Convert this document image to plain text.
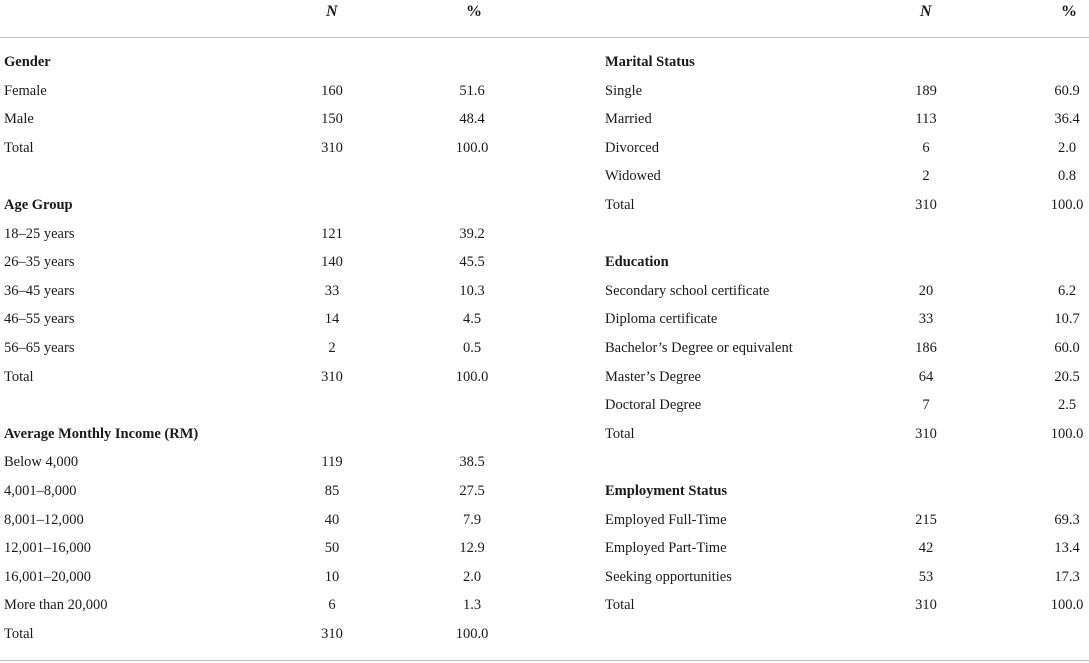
N	%	N	%
Gender
Female	160	51.6
Male	150	48.4
Total	310	100.0
Age Group
18–25 years	121	39.2
26–35 years	140	45.5
36–45 years	33	10.3
46–55 years	14	4.5
56–65 years	2	0.5
Total	310	100.0
Average Monthly Income (RM)
Below 4,000	119	38.5
4,001–8,000	85	27.5
8,001–12,000	40	7.9
12,001–16,000	50	12.9
16,001–20,000	10	2.0
More than 20,000	6	1.3
Total	310	100.0
Marital Status
Single	189	60.9
Married	113	36.4
Divorced	6	2.0
Widowed	2	0.8
Total	310	100.0
Education
Secondary school certificate	20	6.2
Diploma certificate	33	10.7
Bachelor’s Degree or equivalent	186	60.0
Master’s Degree	64	20.5
Doctoral Degree	7	2.5
Total	310	100.0
Employment Status
Employed Full-Time	215	69.3
Employed Part-Time	42	13.4
Seeking opportunities	53	17.3
Total	310	100.0
